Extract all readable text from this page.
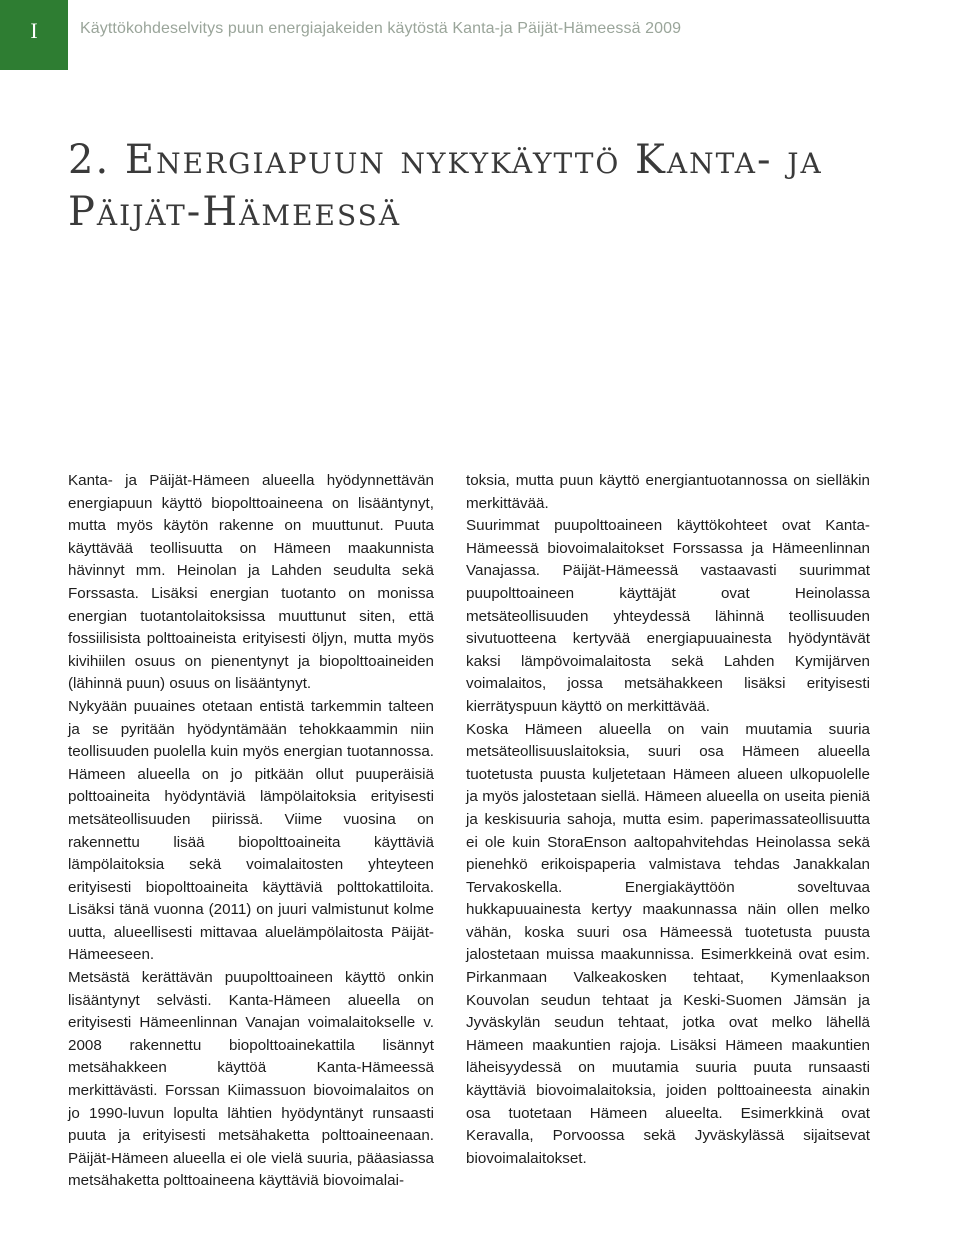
I	Käyttökohdeselvitys puun energiajakeiden käytöstä Kanta-ja Päijät-Hämeessä 2009
2. Energiapuun nykykäyttö Kanta- ja Päijät-Hämeessä

Kanta- ja Päijät-Hämeen alueella hyödynnettävän energiapuun käyttö biopolttoaineena on lisääntynyt, mutta myös käytön rakenne on muuttunut. Puuta käyttävää teollisuutta on Hämeen maakunnista hävinnyt mm. Heinolan ja Lahden seudulta sekä Forssasta. Lisäksi energian tuotanto on monissa energian tuotantolaitoksissa muuttunut siten, että fossiilisista polttoaineista erityisesti öljyn, mutta myös kivihiilen osuus on pienentynyt ja biopolttoaineiden (lähinnä puun) osuus on lisääntynyt.

Nykyään puuaines otetaan entistä tarkemmin talteen ja se pyritään hyödyntämään tehokkaammin niin teollisuuden puolella kuin myös energian tuotannossa. Hämeen alueella on jo pitkään ollut puuperäisiä polttoaineita hyödyntäviä lämpölaitoksia erityisesti metsäteollisuuden piirissä. Viime vuosina on rakennettu lisää biopolttoaineita käyttäviä lämpölaitoksia sekä voimalaitosten yhteyteen erityisesti biopolttoaineita käyttäviä polttokattiloita. Lisäksi tänä vuonna (2011) on juuri valmistunut kolme uutta, alueellisesti mittavaa aluelämpölaitosta Päijät-Hämeeseen.

Metsästä kerättävän puupolttoaineen käyttö onkin lisääntynyt selvästi. Kanta-Hämeen alueella on erityisesti Hämeenlinnan Vanajan voimalaitokselle v. 2008 rakennettu biopolttoainekattila lisännyt metsähakkeen käyttöä Kanta-Hämeessä merkittävästi. Forssan Kiimassuon biovoimalaitos on jo 1990-luvun lopulta lähtien hyödyntänyt runsaasti puuta ja erityisesti metsähaketta polttoaineenaan. Päijät-Hämeen alueella ei ole vielä suuria, pääasiassa metsähaketta polttoaineena käyttäviä biovoimalai-

toksia, mutta puun käyttö energiantuotannossa on sielläkin merkittävää.

Suurimmat puupolttoaineen käyttökohteet ovat Kanta-Hämeessä biovoimalaitokset Forssassa ja Hämeenlinnan Vanajassa. Päijät-Hämeessä vastaavasti suurimmat puupolttoaineen käyttäjät ovat Heinolassa metsäteollisuuden yhteydessä lähinnä teollisuuden sivutuotteena kertyvää energiapuuainesta hyödyntävät kaksi lämpövoimalaitosta sekä Lahden Kymijärven voimalaitos, jossa metsähakkeen lisäksi erityisesti kierrätyspuun käyttö on merkittävää.

Koska Hämeen alueella on vain muutamia suuria metsäteollisuuslaitoksia, suuri osa Hämeen alueella tuotetusta puusta kuljetetaan Hämeen alueen ulkopuolelle ja myös jalostetaan siellä. Hämeen alueella on useita pieniä ja keskisuuria sahoja, mutta esim. paperimassateollisuutta ei ole kuin StoraEnson aaltopahvitehdas Heinolassa sekä pienehkö erikoispaperia valmistava tehdas Janakkalan Tervakoskella. Energiakäyttöön soveltuvaa hukkapuuainesta kertyy maakunnassa näin ollen melko vähän, koska suuri osa Hämeessä tuotetusta puusta jalostetaan muissa maakunnissa. Esimerkkeinä ovat esim. Pirkanmaan Valkeakosken tehtaat, Kymenlaakson Kouvolan seudun tehtaat ja Keski-Suomen Jämsän ja Jyväskylän seudun tehtaat, jotka ovat melko lähellä Hämeen maakuntien rajoja. Lisäksi Hämeen maakuntien läheisyydessä on muutamia suuria puuta runsaasti käyttäviä biovoimalaitoksia, joiden polttoaineesta ainakin osa tuotetaan Hämeen alueelta. Esimerkkinä ovat Keravalla, Porvoossa sekä Jyväskylässä sijaitsevat biovoimalaitokset.
